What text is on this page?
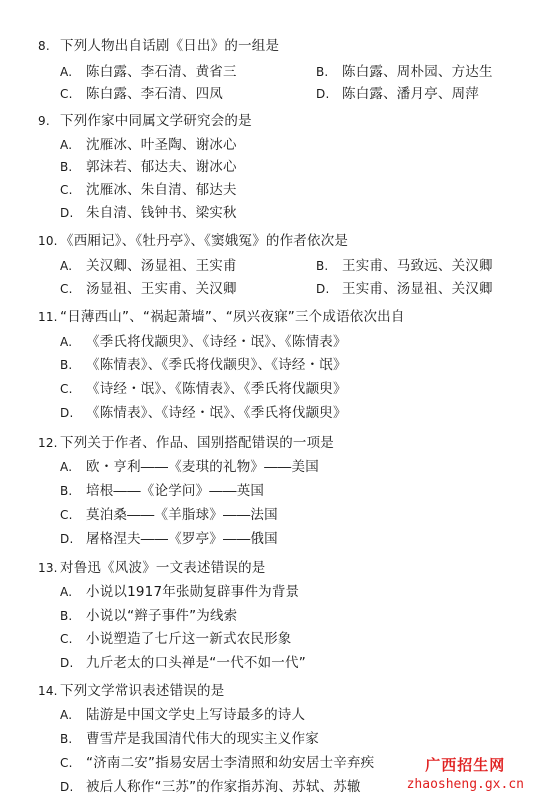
8. 下列人物出自话剧《日出》的一组是
A. 陈白露、李石清、黄省三	B. 陈白露、周朴园、方达生
C. 陈白露、李石清、四凤	D. 陈白露、潘月亭、周萍
9. 下列作家中同属文学研究会的是
A. 沈雁冰、叶圣陶、谢冰心
B. 郭沫若、郁达夫、谢冰心
C. 沈雁冰、朱自清、郁达夫
D. 朱自清、钱钟书、梁实秋
10. 《西厢记》、《牡丹亭》、《窦娥冤》的作者依次是
A. 关汉卿、汤显祖、王实甫	B. 王实甫、马致远、关汉卿
C. 汤显祖、王实甫、关汉卿	D. 王实甫、汤显祖、关汉卿
11. “日薄西山”、“祸起萧墙”、“夙兴夜寐”三个成语依次出自
A. 《季氏将伐颛臾》、《诗经・氓》、《陈情表》
B. 《陈情表》、《季氏将伐颛臾》、《诗经・氓》
C. 《诗经・氓》、《陈情表》、《季氏将伐颛臾》
D. 《陈情表》、《诗经・氓》、《季氏将伐颛臾》
12. 下列关于作者、作品、国别搭配错误的一项是
A. 欧・亨利――《麦琪的礼物》――美国
B. 培根――《论学问》――英国
C. 莫泊桑――《羊脂球》――法国
D. 屠格涅夫――《罗亭》――俄国
13. 对鲁迅《风波》一文表述错误的是
A. 小说以1917年张勋复辟事件为背景
B. 小说以“辫子事件”为线索
C. 小说塑造了七斤这一新式农民形象
D. 九斤老太的口头禅是“一代不如一代”
14. 下列文学常识表述错误的是
A. 陆游是中国文学史上写诗最多的诗人
B. 曹雪芹是我国清代伟大的现实主义作家
C. “济南二安”指易安居士李清照和幼安居士辛弃疾
D. 被后人称作“三苏”的作家指苏洵、苏轼、苏辙
广西招生网
zhaosheng.gx.cn
